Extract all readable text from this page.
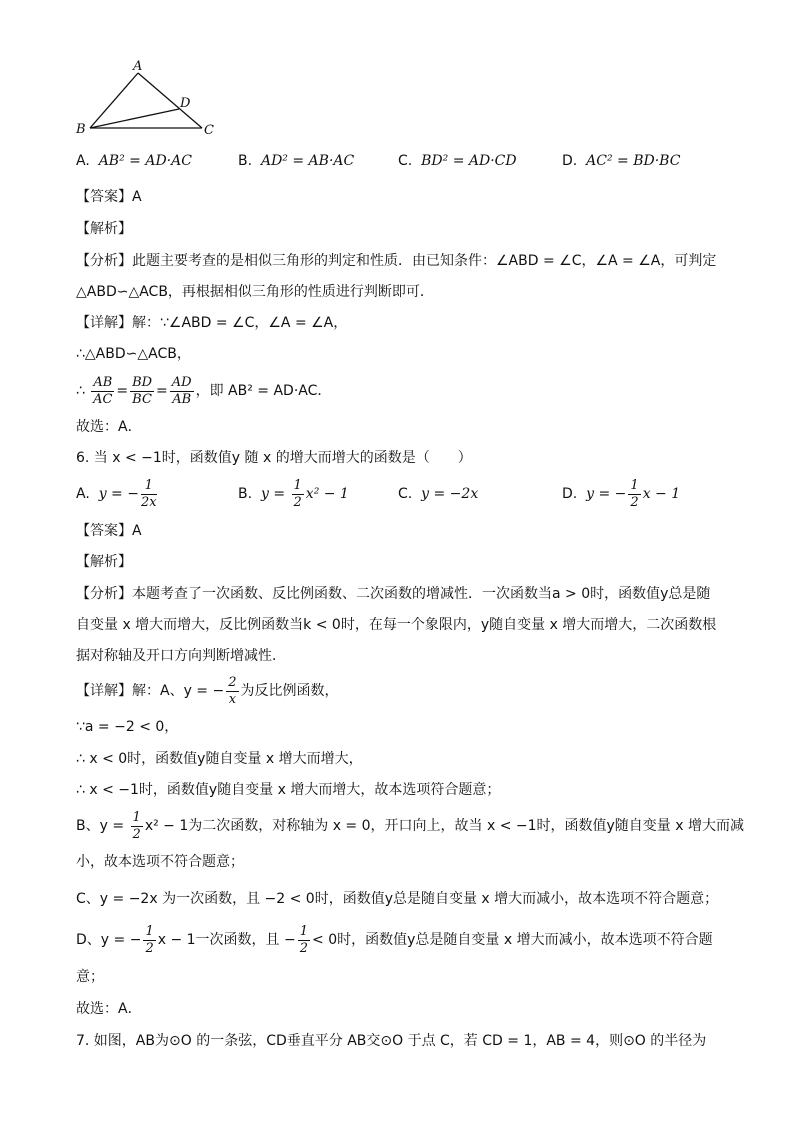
A
B	C
D
A. AB² = AD·AC	B. AD² = AB·AC	C. BD² = AD·CD	D. AC² = BD·BC
【答案】A
【解析】
【分析】此题主要考查的是相似三角形的判定和性质．由已知条件：∠ABD = ∠C，∠A = ∠A，可判定
△ABD∽△ACB，再根据相似三角形的性质进行判断即可．
【详解】解：∵∠ABD = ∠C，∠A = ∠A，
∴△ABD∽△ACB，
∴ $\frac{AB}{AC} = \frac{BD}{BC} = \frac{AD}{AB}$ ，即 AB² = AD·AC．
故选：A．
6. 当 x < −1时，函数值y 随 x 的增大而增大的函数是（　　）
A. y = − $\frac{1}{2x}$	B. $y = \frac{1}{2} x^2 - 1$	C. y = −2x	D. y = − $\frac{1}{2}$ x − 1
【答案】A
【解析】
【分析】本题考查了一次函数、反比例函数、二次函数的增减性．一次函数当a > 0时，函数值y总是随
自变量 x 增大而增大，反比例函数当k < 0时，在每一个象限内，y随自变量 x 增大而增大，二次函数根
据对称轴及开口方向判断增减性．
【详解】解：A、y = − $\frac{2}{x}$ 为反比例函数，
∵a = −2 < 0，
∴ x < 0时，函数值y随自变量 x 增大而增大，
∴ x < −1时，函数值y随自变量 x 增大而增大，故本选项符合题意；
B、$y = \frac{1}{2} x^2 - 1$为二次函数，对称轴为 x = 0，开口向上，故当 x < −1时，函数值y随自变量 x 增大而减
小，故本选项不符合题意；
C、y = −2x 为一次函数，且 −2 < 0时，函数值y总是随自变量 x 增大而减小，故本选项不符合题意；
D、y = − $\frac{1}{2}$ x − 1一次函数，且 − $\frac{1}{2} < 0$时，函数值y总是随自变量 x 增大而减小，故本选项不符合题
意；
故选：A．
7. 如图，AB为⊙O 的一条弦，CD垂直平分 AB交⊙O 于点 C，若 CD = 1，AB = 4，则⊙O 的半径为
